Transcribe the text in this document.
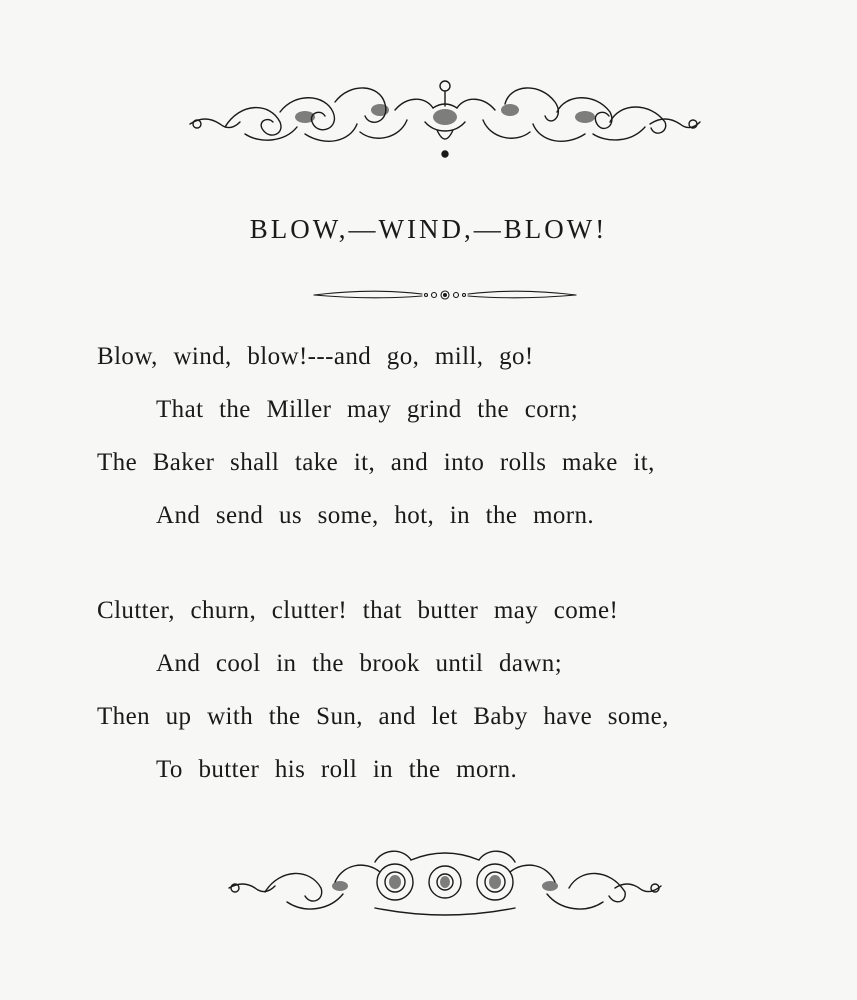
BLOW,—WIND,—BLOW!

Blow, wind, blow!---and go, mill, go!

That the Miller may grind the corn;

The Baker shall take it, and into rolls make it,

And send us some, hot, in the morn.

Clutter, churn, clutter! that butter may come!

And cool in the brook until dawn;

Then up with the Sun, and let Baby have some,

To butter his roll in the morn.
